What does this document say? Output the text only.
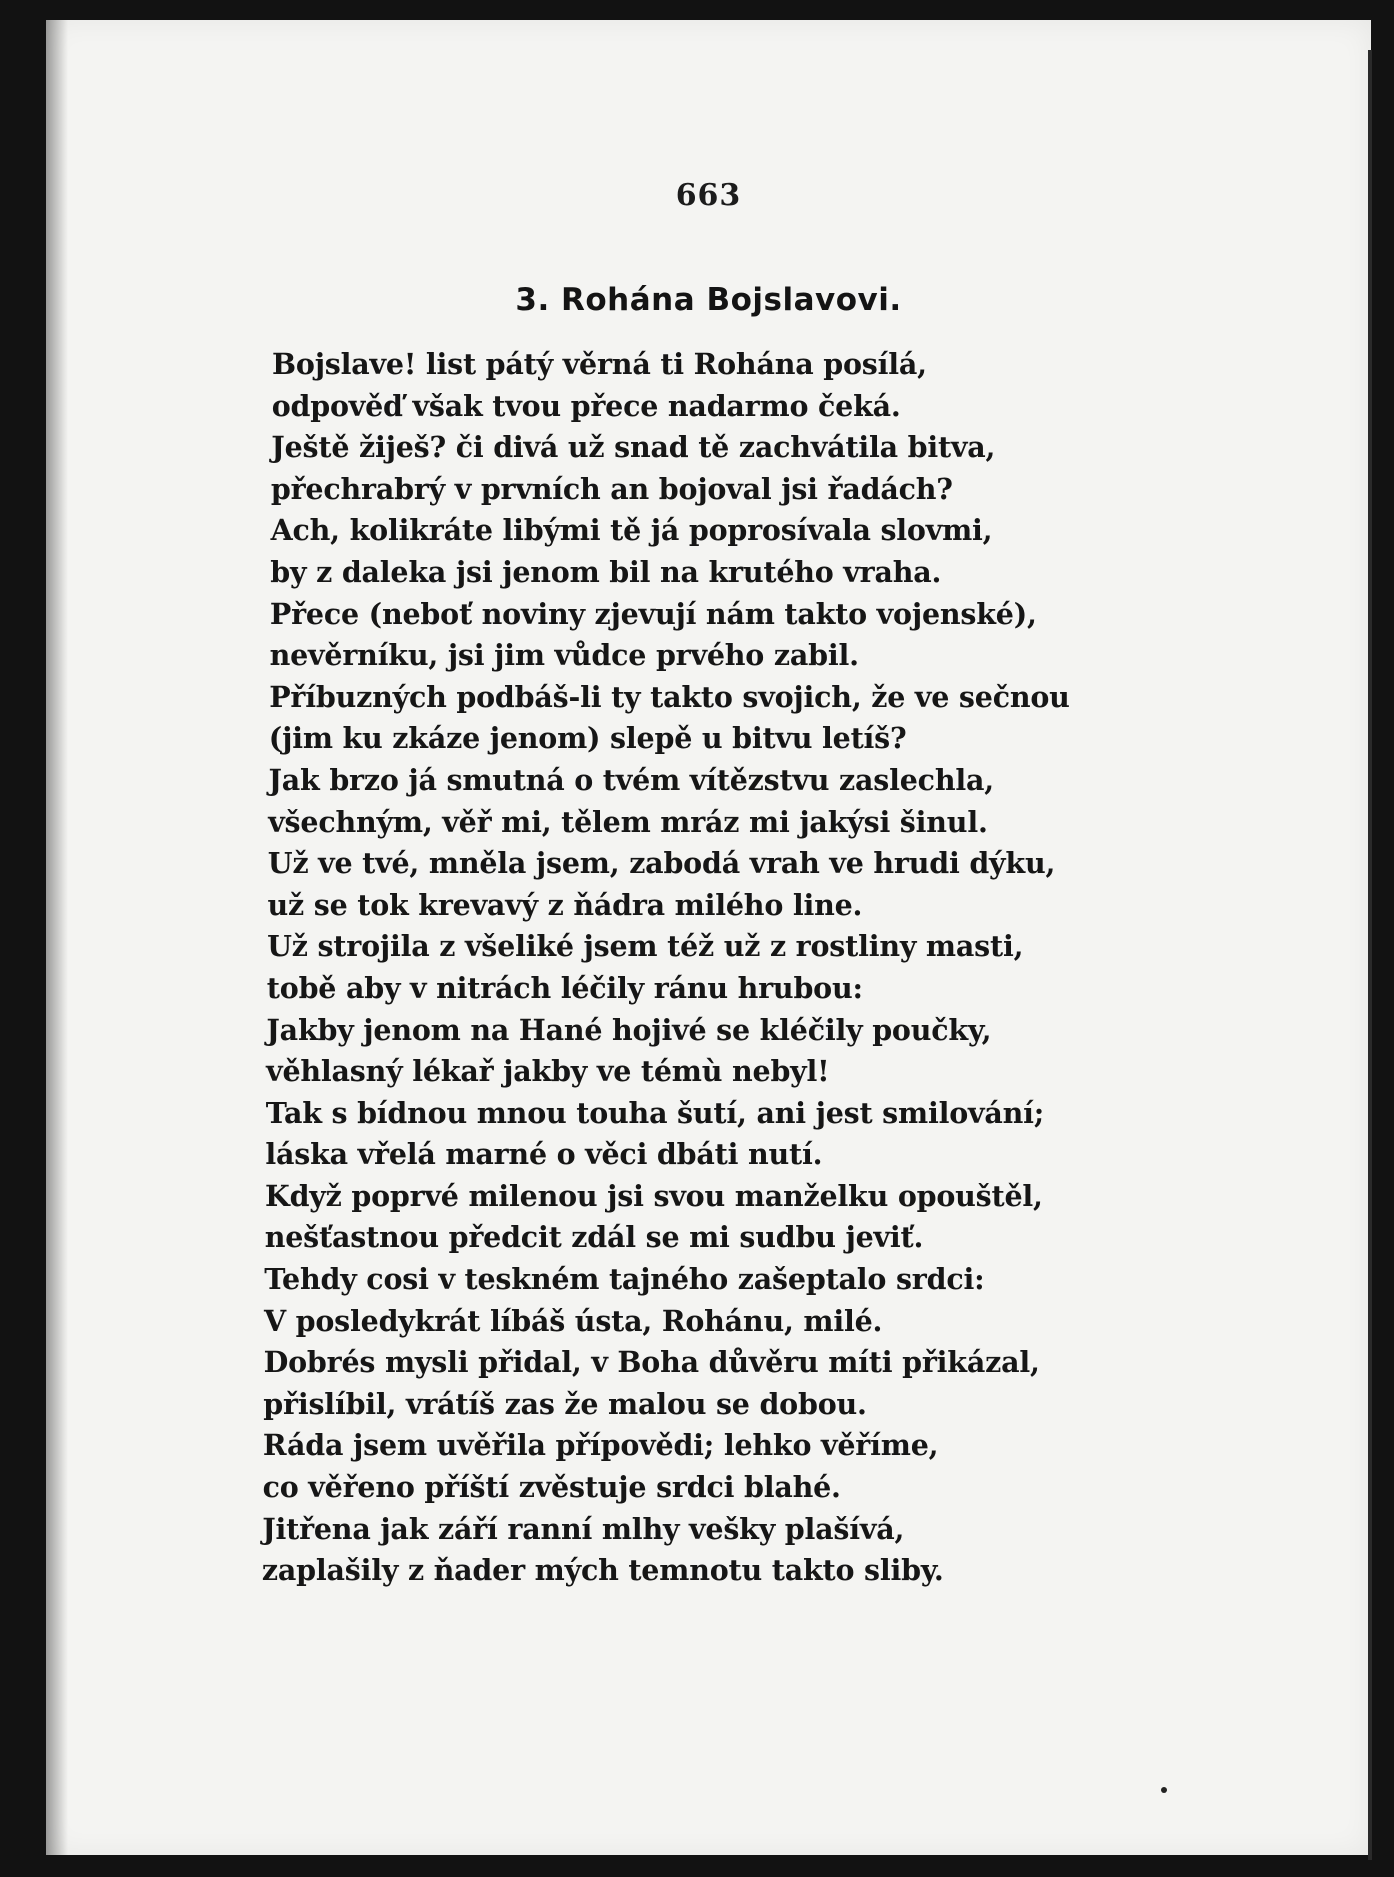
663
3. Rohána Bojslavovi.
Bojslave! list pátý věrná ti Rohána posílá,
odpověď však tvou přece nadarmo čeká.
Ještě žiješ? či divá už snad tě zachvátila bitva,
přechrabrý v prvních an bojoval jsi řadách?
Ach, kolikráte libými tě já poprosívala slovmi,
by z daleka jsi jenom bil na krutého vraha.
Přece (neboť noviny zjevují nám takto vojenské),
nevěrníku, jsi jim vůdce prvého zabil.
Příbuzných podbáš-li ty takto svojich, že ve sečnou
(jim ku zkáze jenom) slepě u bitvu letíš?
Jak brzo já smutná o tvém vítězstvu zaslechla,
všechným, věř mi, tělem mráz mi jakýsi šinul.
Už ve tvé, mněla jsem, zabodá vrah ve hrudi dýku,
už se tok krevavý z ňádra milého line.
Už strojila z všeliké jsem též už z rostliny masti,
tobě aby v nitrách léčily ránu hrubou:
Jakby jenom na Hané hojivé se kléčily poučky,
věhlasný lékař jakby ve témù nebyl!
Tak s bídnou mnou touha šutí, ani jest smilování;
láska vřelá marné o věci dbáti nutí.
Když poprvé milenou jsi svou manželku opouštěl,
nešťastnou předcit zdál se mi sudbu jeviť.
Tehdy cosi v teskném tajného zašeptalo srdci:
V posledykrát líbáš ústa, Rohánu, milé.
Dobrés mysli přidal, v Boha důvěru míti přikázal,
přislíbil, vrátíš zas že malou se dobou.
Ráda jsem uvěřila přípovědi; lehko věříme,
co věřeno příští zvěstuje srdci blahé.
Jitřena jak září ranní mlhy vešky plašívá,
zaplašily z ňader mých temnotu takto sliby.
